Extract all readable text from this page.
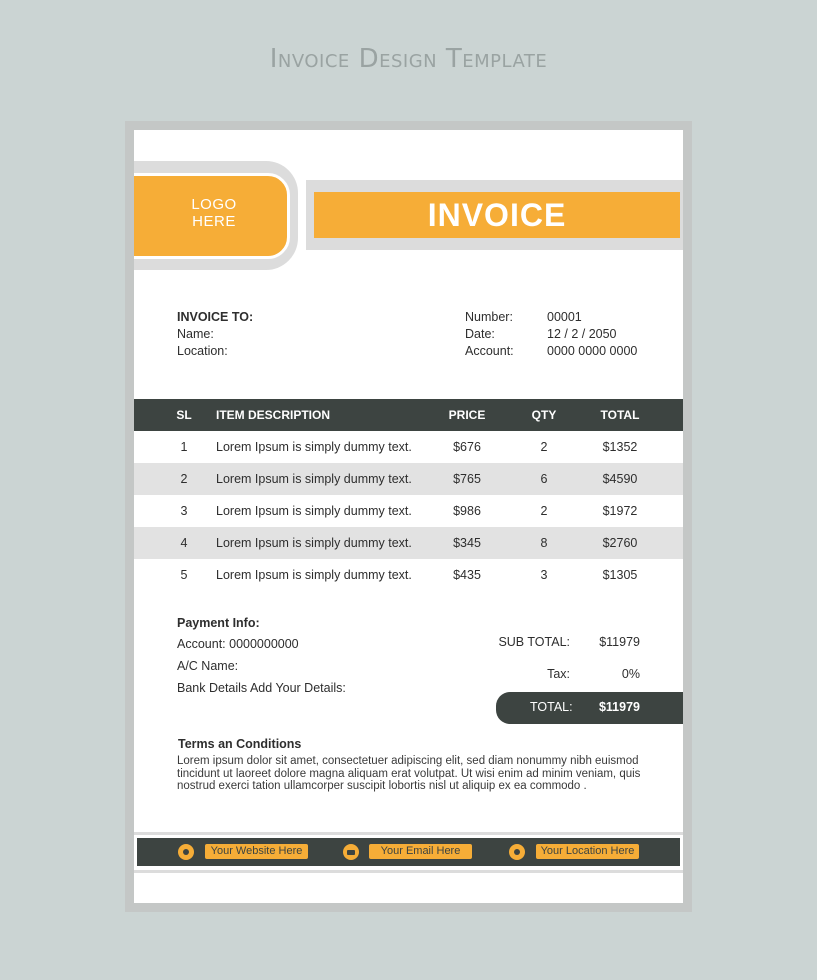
Invoice Design Template
LOGO
HERE	INVOICE
INVOICE TO:
Name:
Location:
Number:	00001
Date:	12 / 2 / 2050
Account:	0000 0000 0000
SL	ITEM DESCRIPTION	PRICE	QTY	TOTAL
1	Lorem Ipsum is simply dummy text.	$676	2	$1352
2	Lorem Ipsum is simply dummy text.	$765	6	$4590
3	Lorem Ipsum is simply dummy text.	$986	2	$1972
4	Lorem Ipsum is simply dummy text.	$345	8	$2760
5	Lorem Ipsum is simply dummy text.	$435	3	$1305
Payment Info:
Account: 0000000000
A/C Name:
Bank Details Add Your Details:
SUB TOTAL:	$11979
Tax:	0%
TOTAL:	$11979
Terms an Conditions
Lorem ipsum dolor sit amet, consectetuer adipiscing elit, sed diam nonummy nibh euismod tincidunt ut laoreet dolore magna aliquam erat volutpat. Ut wisi enim ad minim veniam, quis nostrud exerci tation ullamcorper suscipit lobortis nisl ut aliquip ex ea commodo .
Your Website Here	Your Email Here	Your Location Here
